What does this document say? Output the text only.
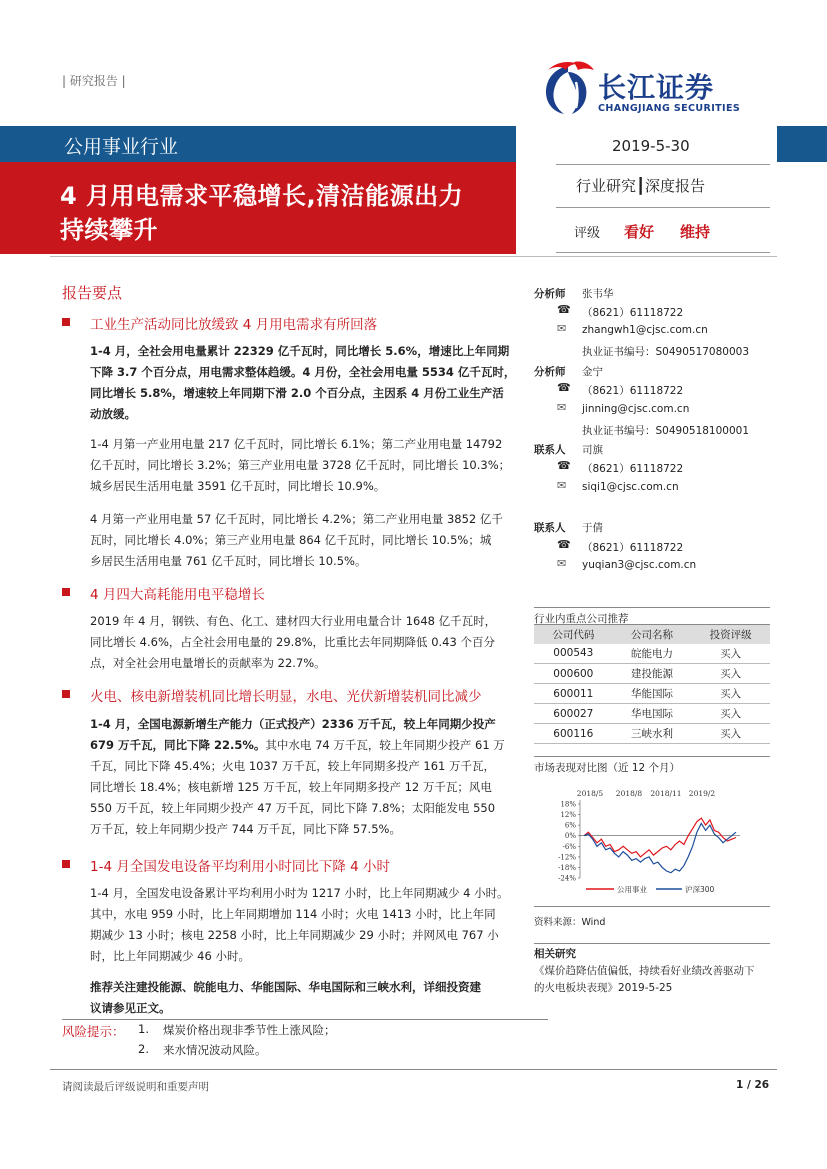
| 研究报告 |	长江证券
CHANGJIANG SECURITIES
公用事业行业
4 月用电需求平稳增长,清洁能源出力
持续攀升
2019-5-30
行业研究┃深度报告
评级 看好 维持
报告要点
工业生产活动同比放缓致 4 月用电需求有所回落
1-4 月，全社会用电量累计 22329 亿千瓦时，同比增长 5.6%，增速比上年同期
下降 3.7 个百分点，用电需求整体趋缓。4 月份，全社会用电量 5534 亿千瓦时，
同比增长 5.8%，增速较上年同期下滑 2.0 个百分点，主因系 4 月份工业生产活
动放缓。
1-4 月第一产业用电量 217 亿千瓦时，同比增长 6.1%；第二产业用电量 14792
亿千瓦时，同比增长 3.2%；第三产业用电量 3728 亿千瓦时，同比增长 10.3%；
城乡居民生活用电量 3591 亿千瓦时，同比增长 10.9%。
4 月第一产业用电量 57 亿千瓦时，同比增长 4.2%；第二产业用电量 3852 亿千
瓦时，同比增长 4.0%；第三产业用电量 864 亿千瓦时，同比增长 10.5%；城
乡居民生活用电量 761 亿千瓦时，同比增长 10.5%。
4 月四大高耗能用电平稳增长
2019 年 4 月，钢铁、有色、化工、建材四大行业用电量合计 1648 亿千瓦时，
同比增长 4.6%，占全社会用电量的 29.8%，比重比去年同期降低 0.43 个百分
点，对全社会用电量增长的贡献率为 22.7%。
火电、核电新增装机同比增长明显，水电、光伏新增装机同比减少
1-4 月，全国电源新增生产能力（正式投产）2336 万千瓦，较上年同期少投产
679 万千瓦，同比下降 22.5%。其中水电 74 万千瓦，较上年同期少投产 61 万
千瓦，同比下降 45.4%；火电 1037 万千瓦，较上年同期多投产 161 万千瓦，
同比增长 18.4%；核电新增 125 万千瓦，较上年同期多投产 12 万千瓦；风电
550 万千瓦，较上年同期少投产 47 万千瓦，同比下降 7.8%；太阳能发电 550
万千瓦，较上年同期少投产 744 万千瓦，同比下降 57.5%。
1-4 月全国发电设备平均利用小时同比下降 4 小时
1-4 月，全国发电设备累计平均利用小时为 1217 小时，比上年同期减少 4 小时。
其中，水电 959 小时，比上年同期增加 114 小时；火电 1413 小时，比上年同
期减少 13 小时；核电 2258 小时，比上年同期减少 29 小时；并网风电 767 小
时，比上年同期减少 46 小时。
推荐关注建投能源、皖能电力、华能国际、华电国际和三峡水利，详细投资建
议请参见正文。
风险提示： 1. 煤炭价格出现非季节性上涨风险；
2. 来水情况波动风险。
分析师 张韦华
☎ （8621）61118722
✉ zhangwh1@cjsc.com.cn
执业证书编号：S0490517080003
分析师 金宁
☎ （8621）61118722
✉ jinning@cjsc.com.cn
执业证书编号：S0490518100001
联系人 司旗
☎ （8621）61118722
✉ siqi1@cjsc.com.cn
联系人 于倩
☎ （8621）61118722
✉ yuqian3@cjsc.com.cn
行业内重点公司推荐
公司代码	公司名称	投资评级
000543	皖能电力	买入
000600	建投能源	买入
600011	华能国际	买入
600027	华电国际	买入
600116	三峡水利	买入
市场表现对比图（近 12 个月）
2018/5 2018/8 2018/11 2019/2
18%
12%
6%
0%
-6%
-12%
-18%
-24%
公用事业	沪深300
资料来源：Wind
相关研究
《煤价趋降估值偏低，持续看好业绩改善驱动下
的火电板块表现》2019-5-25
请阅读最后评级说明和重要声明	1 / 26
